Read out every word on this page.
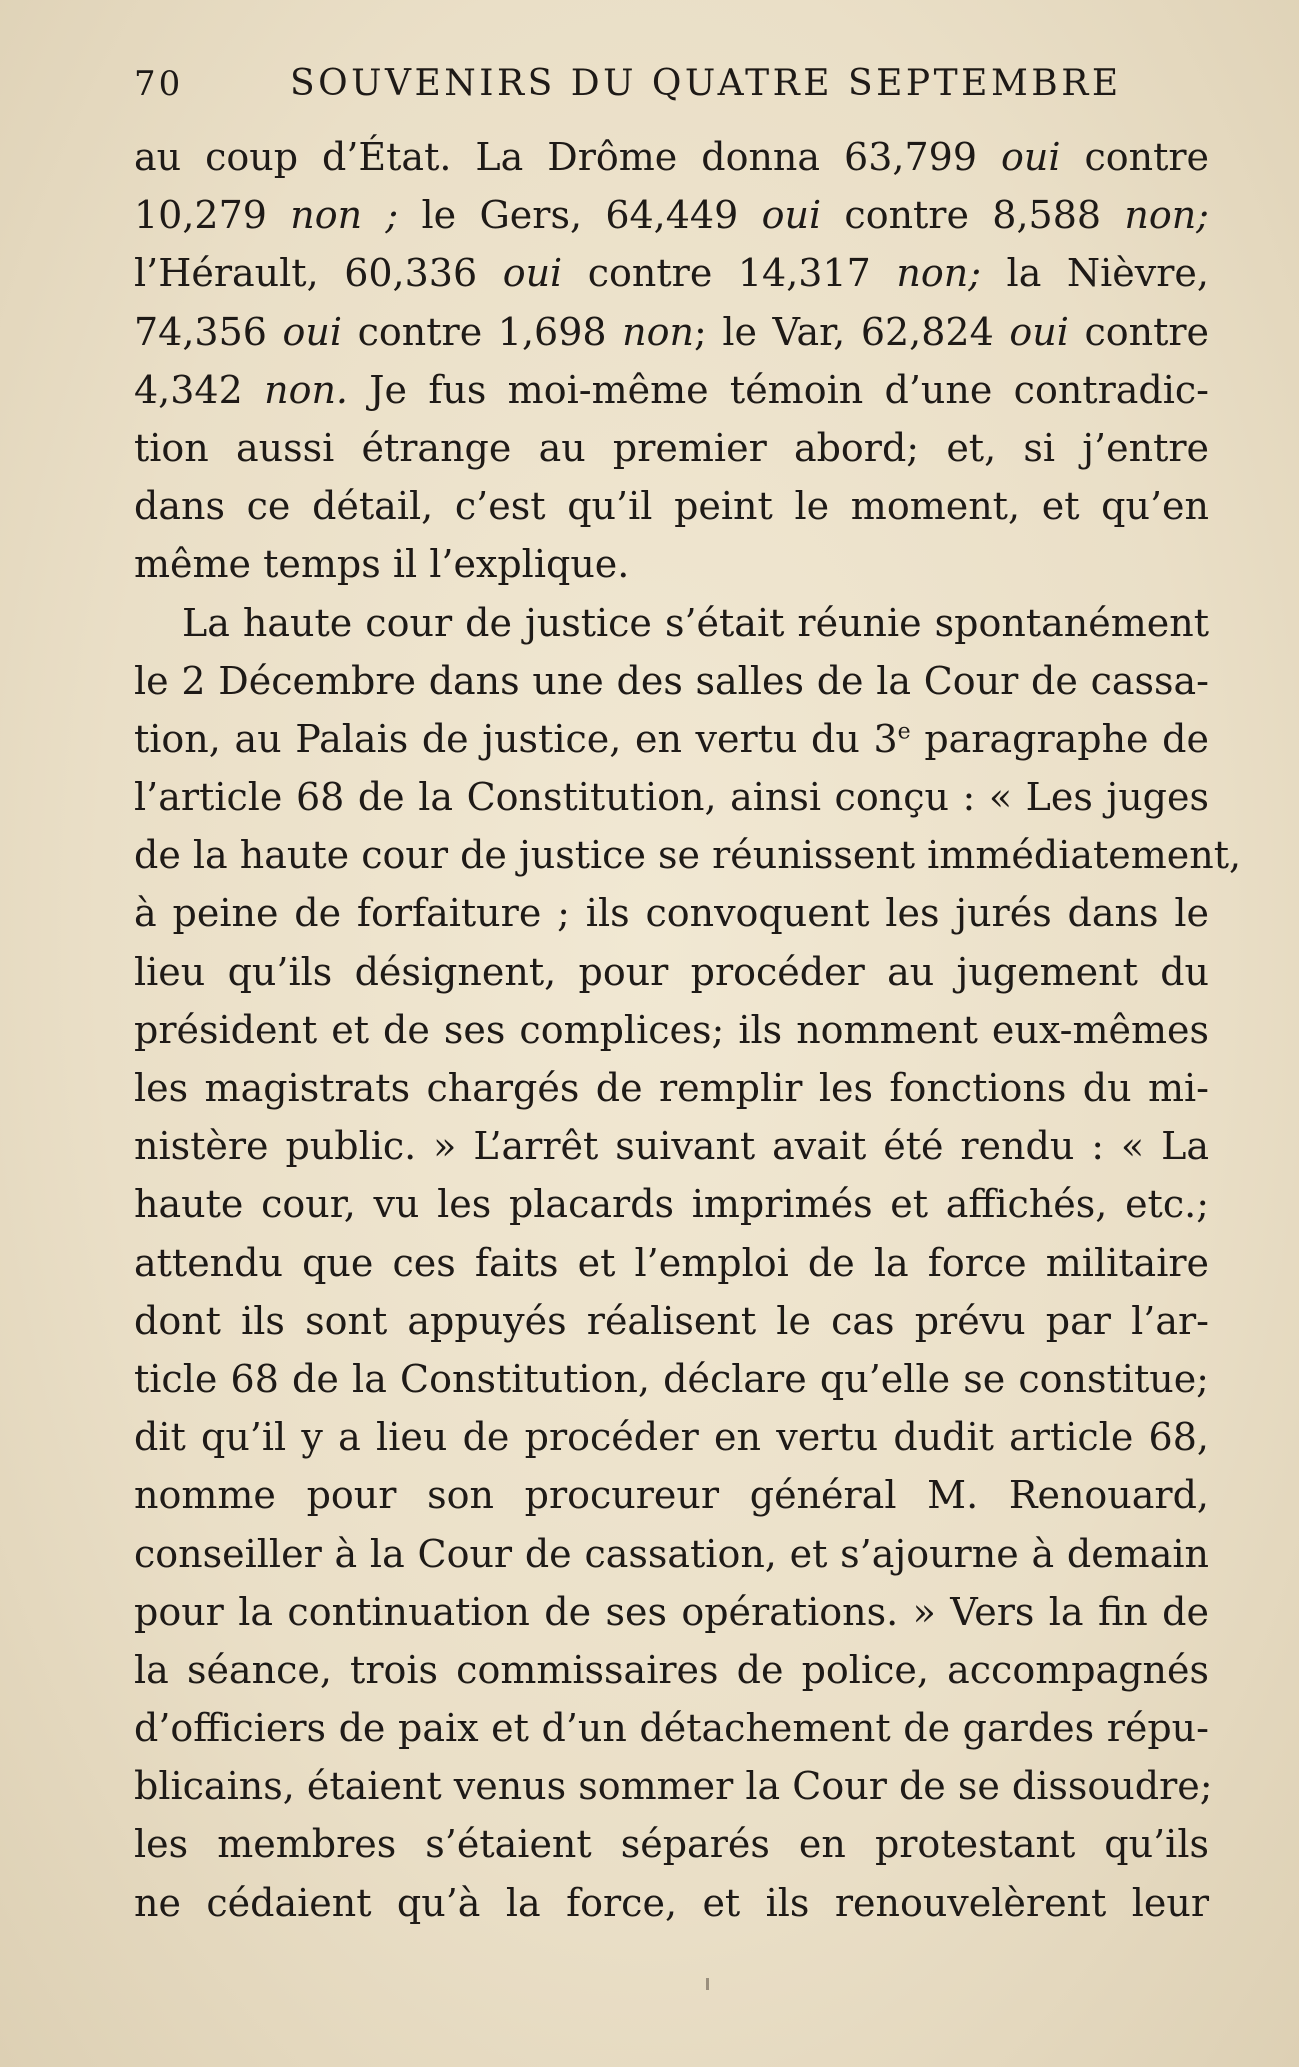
70	SOUVENIRS DU QUATRE SEPTEMBRE
au coup d’État. La Drôme donna 63,799 oui contre
10,279 non ; le Gers, 64,449 oui contre 8,588 non;
l’Hérault, 60,336 oui contre 14,317 non; la Nièvre,
74,356 oui contre 1,698 non; le Var, 62,824 oui contre
4,342 non. Je fus moi-même témoin d’une contradic-
tion aussi étrange au premier abord; et, si j’entre
dans ce détail, c’est qu’il peint le moment, et qu’en
même temps il l’explique.
La haute cour de justice s’était réunie spontanément
le 2 Décembre dans une des salles de la Cour de cassa-
tion, au Palais de justice, en vertu du 3e paragraphe de
l’article 68 de la Constitution, ainsi conçu : « Les juges
de la haute cour de justice se réunissent immédiatement,
à peine de forfaiture ; ils convoquent les jurés dans le
lieu qu’ils désignent, pour procéder au jugement du
président et de ses complices; ils nomment eux-mêmes
les magistrats chargés de remplir les fonctions du mi-
nistère public. » L’arrêt suivant avait été rendu : « La
haute cour, vu les placards imprimés et affichés, etc.;
attendu que ces faits et l’emploi de la force militaire
dont ils sont appuyés réalisent le cas prévu par l’ar-
ticle 68 de la Constitution, déclare qu’elle se constitue;
dit qu’il y a lieu de procéder en vertu dudit article 68,
nomme pour son procureur général M. Renouard,
conseiller à la Cour de cassation, et s’ajourne à demain
pour la continuation de ses opérations. » Vers la fin de
la séance, trois commissaires de police, accompagnés
d’officiers de paix et d’un détachement de gardes répu-
blicains, étaient venus sommer la Cour de se dissoudre;
les membres s’étaient séparés en protestant qu’ils
ne cédaient qu’à la force, et ils renouvelèrent leur
